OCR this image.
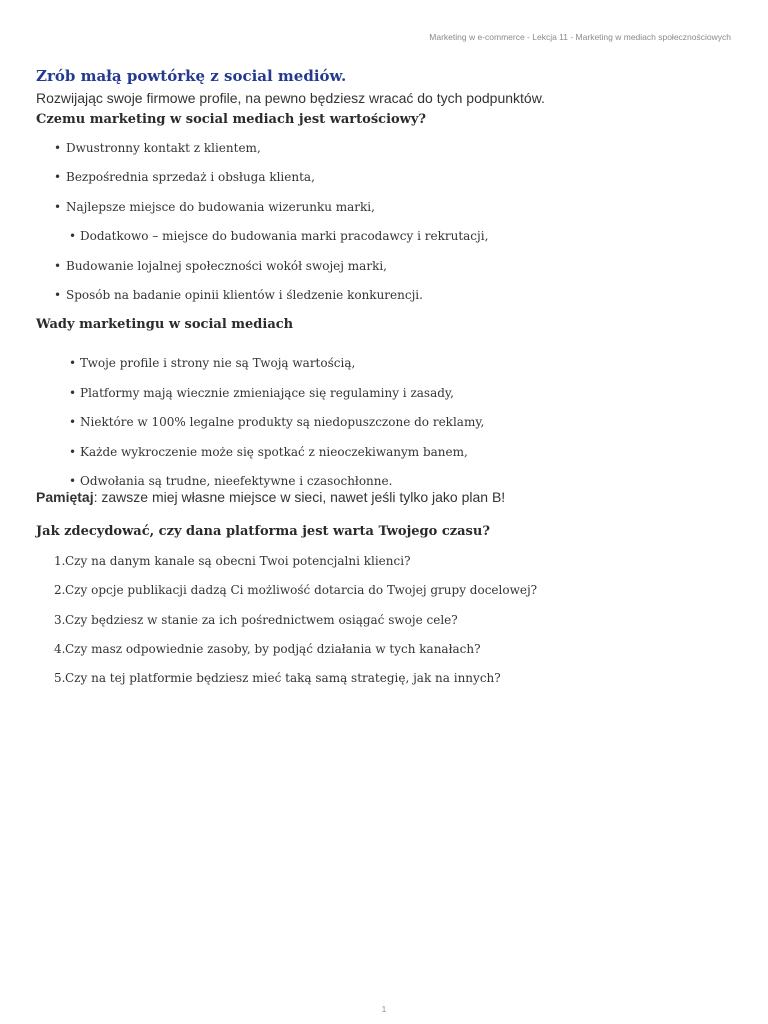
Marketing w e-commerce - Lekcja 11 - Marketing w mediach społecznościowych
Zrób małą powtórkę z social mediów.

Rozwijając swoje firmowe profile, na pewno będziesz wracać do tych podpunktów.

Czemu marketing w social mediach jest wartościowy?
• Dwustronny kontakt z klientem,
• Bezpośrednia sprzedaż i obsługa klienta,
• Najlepsze miejsce do budowania wizerunku marki,
• Dodatkowo – miejsce do budowania marki pracodawcy i rekrutacji,
• Budowanie lojalnej społeczności wokół swojej marki,
• Sposób na badanie opinii klientów i śledzenie konkurencji.
Wady marketingu w social mediach
• Twoje profile i strony nie są Twoją wartością,
• Platformy mają wiecznie zmieniające się regulaminy i zasady,
• Niektóre w 100% legalne produkty są niedopuszczone do reklamy,
• Każde wykroczenie może się spotkać z nieoczekiwanym banem,
• Odwołania są trudne, nieefektywne i czasochłonne.

Pamiętaj: zawsze miej własne miejsce w sieci, nawet jeśli tylko jako plan B!

Jak zdecydować, czy dana platforma jest warta Twojego czasu?
1. Czy na danym kanale są obecni Twoi potencjalni klienci?
2. Czy opcje publikacji dadzą Ci możliwość dotarcia do Twojej grupy docelowej?
3. Czy będziesz w stanie za ich pośrednictwem osiągać swoje cele?
4. Czy masz odpowiednie zasoby, by podjąć działania w tych kanałach?
5. Czy na tej platformie będziesz mieć taką samą strategię, jak na innych?
1
